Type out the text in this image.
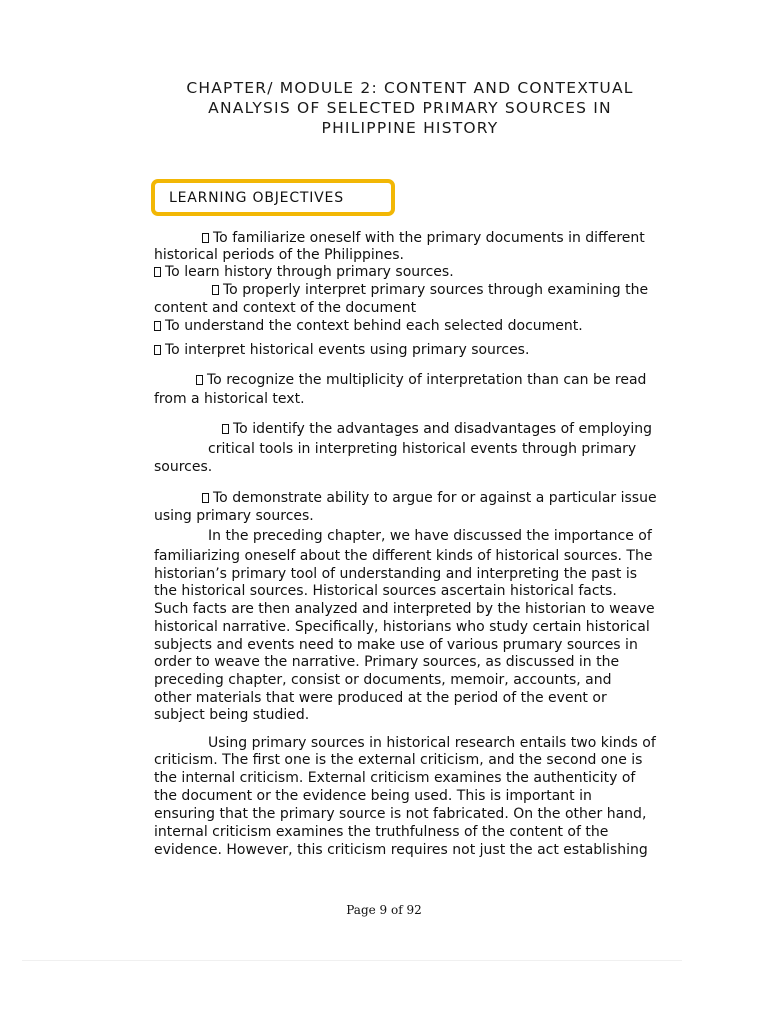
CHAPTER/ MODULE 2: CONTENT AND CONTEXTUAL
ANALYSIS OF SELECTED PRIMARY SOURCES IN
PHILIPPINE HISTORY
LEARNING OBJECTIVES
To familiarize oneself with the primary documents in different
historical periods of the Philippines.
To learn history through primary sources.
To properly interpret primary sources through examining the
content and context of the document
To understand the context behind each selected document.
To interpret historical events using primary sources.
To recognize the multiplicity of interpretation than can be read
from a historical text.
To identify the advantages and disadvantages of employing
critical tools in interpreting historical events through primary
sources.
To demonstrate ability to argue for or against a particular issue
using primary sources.
In the preceding chapter, we have discussed the importance of
familiarizing oneself about the different kinds of historical sources. The
historian’s primary tool of understanding and interpreting the past is
the historical sources. Historical sources ascertain historical facts.
Such facts are then analyzed and interpreted by the historian to weave
historical narrative. Specifically, historians who study certain historical
subjects and events need to make use of various prumary sources in
order to weave the narrative. Primary sources, as discussed in the
preceding chapter, consist or documents, memoir, accounts, and
other materials that were produced at the period of the event or
subject being studied.
Using primary sources in historical research entails two kinds of
criticism. The first one is the external criticism, and the second one is
the internal criticism. External criticism examines the authenticity of
the document or the evidence being used. This is important in
ensuring that the primary source is not fabricated. On the other hand,
internal criticism examines the truthfulness of the content of the
evidence. However, this criticism requires not just the act establishing
Page 9 of 92
